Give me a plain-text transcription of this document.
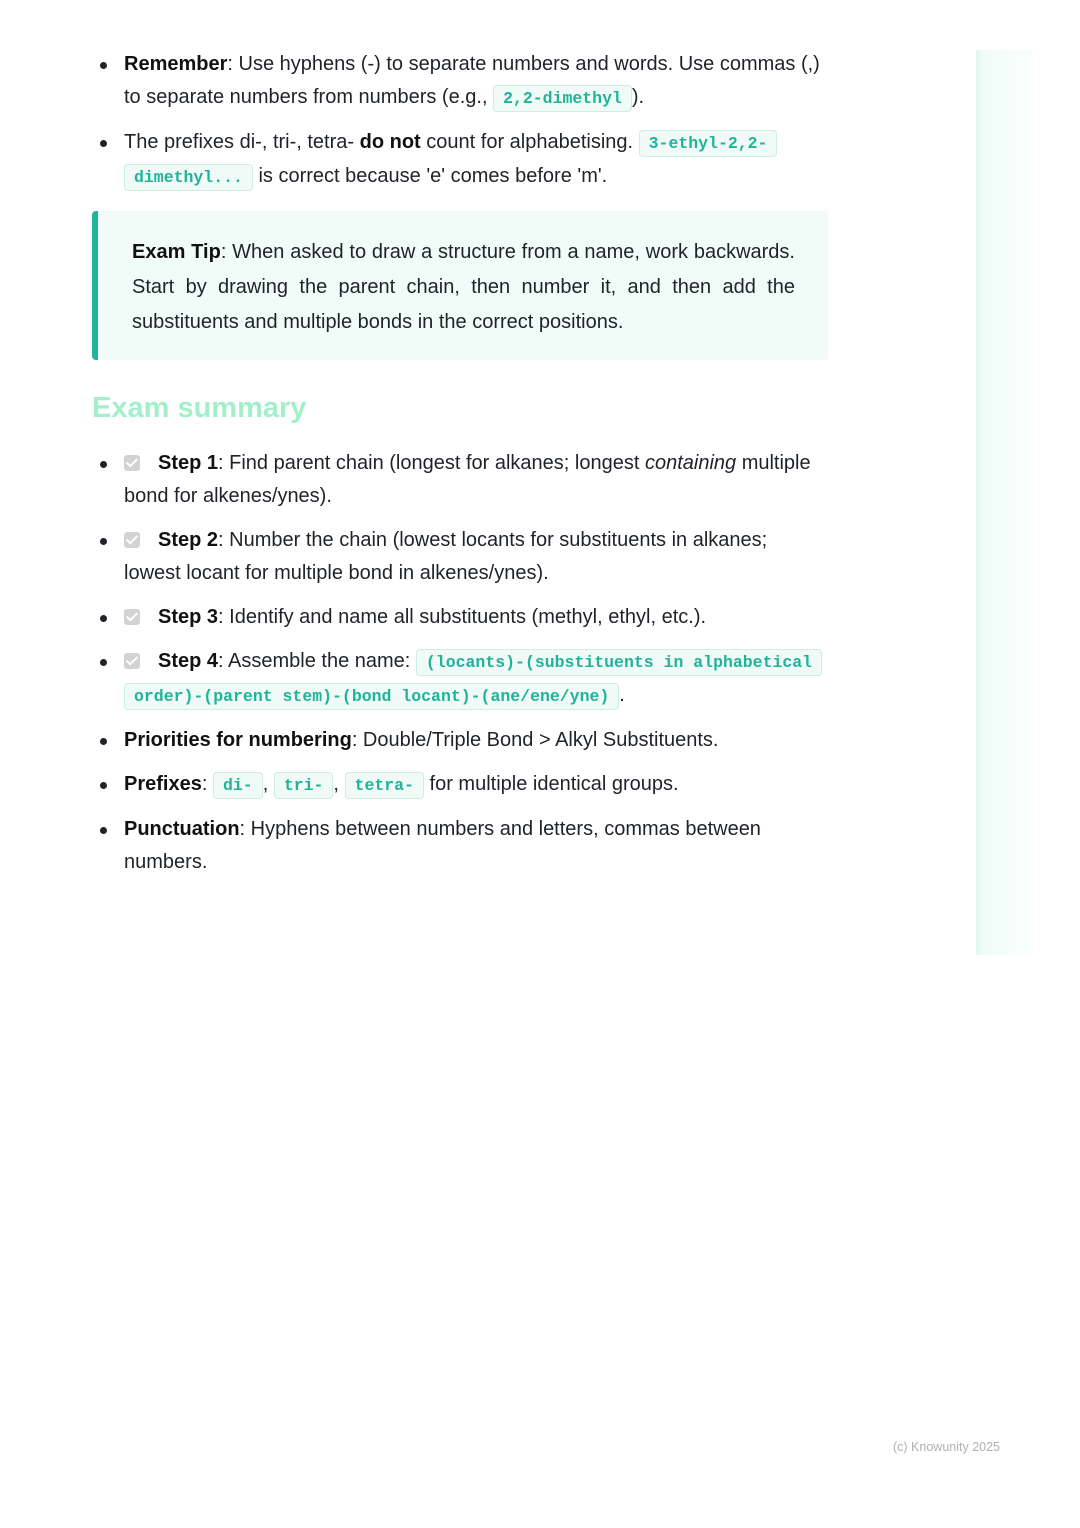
Remember: Use hyphens (-) to separate numbers and words. Use commas (,) to separate numbers from numbers (e.g., 2,2-dimethyl ).
The prefixes di-, tri-, tetra- do not count for alphabetising. 3-ethyl-2,2-dimethyl... is correct because 'e' comes before 'm'.
Exam Tip: When asked to draw a structure from a name, work backwards. Start by drawing the parent chain, then number it, and then add the substituents and multiple bonds in the correct positions.
Exam summary
Step 1: Find parent chain (longest for alkanes; longest containing multiple bond for alkenes/ynes).
Step 2: Number the chain (lowest locants for substituents in alkanes; lowest locant for multiple bond in alkenes/ynes).
Step 3: Identify and name all substituents (methyl, ethyl, etc.).
Step 4: Assemble the name: (locants)-(substituents in alphabetical order)-(parent stem)-(bond locant)-(ane/ene/yne) .
Priorities for numbering: Double/Triple Bond > Alkyl Substituents.
Prefixes: di- , tri- , tetra- for multiple identical groups.
Punctuation: Hyphens between numbers and letters, commas between numbers.
(c) Knowunity 2025
